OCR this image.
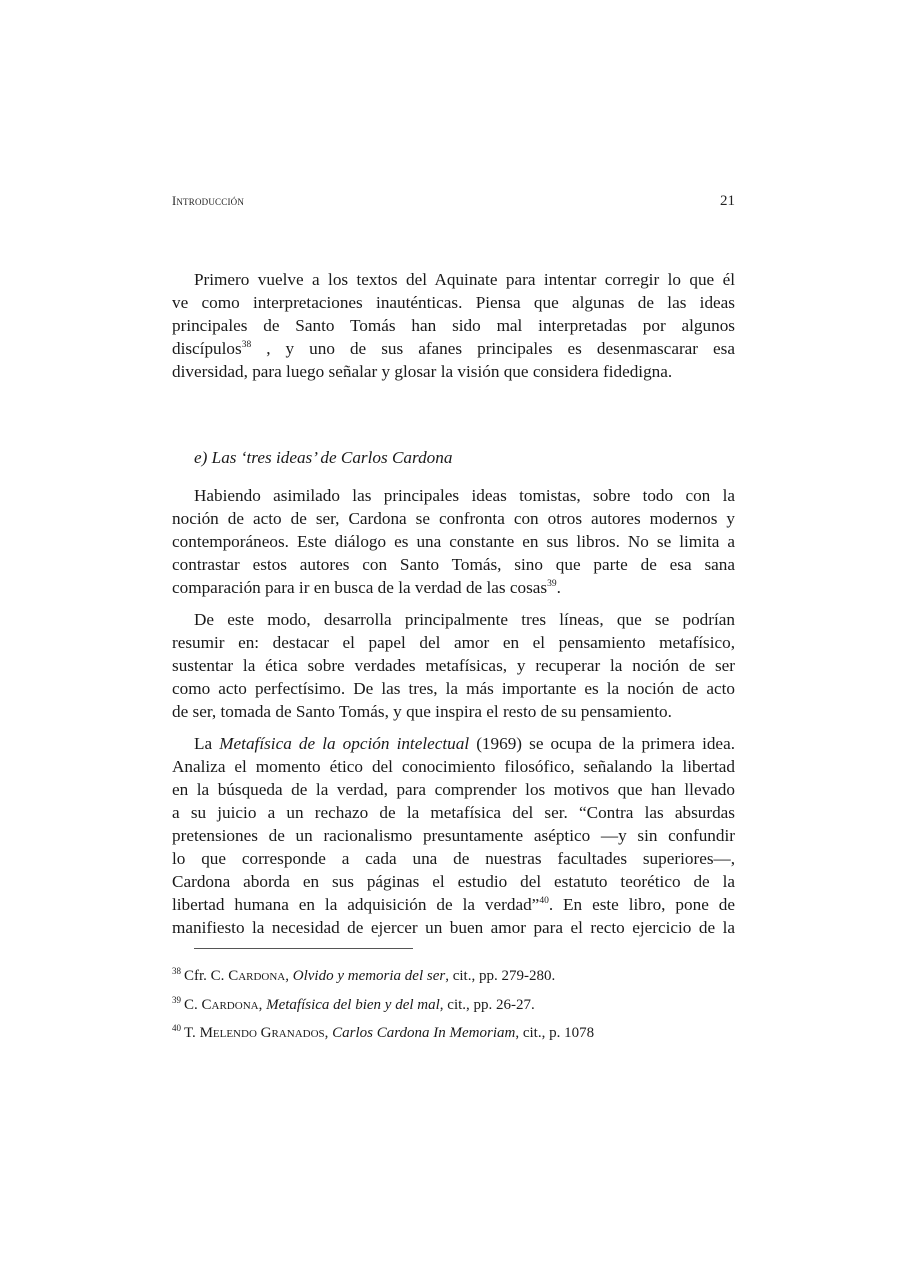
Introducción	21
Primero vuelve a los textos del Aquinate para intentar corregir lo que él
ve como interpretaciones inauténticas. Piensa que algunas de las ideas
principales de Santo Tomás han sido mal interpretadas por algunos
discípulos$^{38}$ , y uno de sus afanes principales es desenmascarar esa
diversidad, para luego señalar y glosar la visión que considera fidedigna.
e) Las ‘tres ideas’ de Carlos Cardona
Habiendo asimilado las principales ideas tomistas, sobre todo con la
noción de acto de ser, Cardona se confronta con otros autores modernos y
contemporáneos. Este diálogo es una constante en sus libros. No se limita a
contrastar estos autores con Santo Tomás, sino que parte de esa sana
comparación para ir en busca de la verdad de las cosas$^{39}$.
De este modo, desarrolla principalmente tres líneas, que se podrían
resumir en: destacar el papel del amor en el pensamiento metafísico,
sustentar la ética sobre verdades metafísicas, y recuperar la noción de ser
como acto perfectísimo. De las tres, la más importante es la noción de acto
de ser, tomada de Santo Tomás, y que inspira el resto de su pensamiento.
La Metafísica de la opción intelectual (1969) se ocupa de la primera idea.
Analiza el momento ético del conocimiento filosófico, señalando la libertad
en la búsqueda de la verdad, para comprender los motivos que han llevado
a su juicio a un rechazo de la metafísica del ser. “Contra las absurdas
pretensiones de un racionalismo presuntamente aséptico —y sin confundir
lo que corresponde a cada una de nuestras facultades superiores—,
Cardona aborda en sus páginas el estudio del estatuto teorético de la
libertad humana en la adquisición de la verdad”$^{40}$. En este libro, pone de
manifiesto la necesidad de ejercer un buen amor para el recto ejercicio de la
$^{38}$ Cfr. C. Cardona, Olvido y memoria del ser, cit., pp. 279-280.
$^{39}$ C. Cardona, Metafísica del bien y del mal, cit., pp. 26-27.
$^{40}$ T. Melendo Granados, Carlos Cardona In Memoriam, cit., p. 1078
